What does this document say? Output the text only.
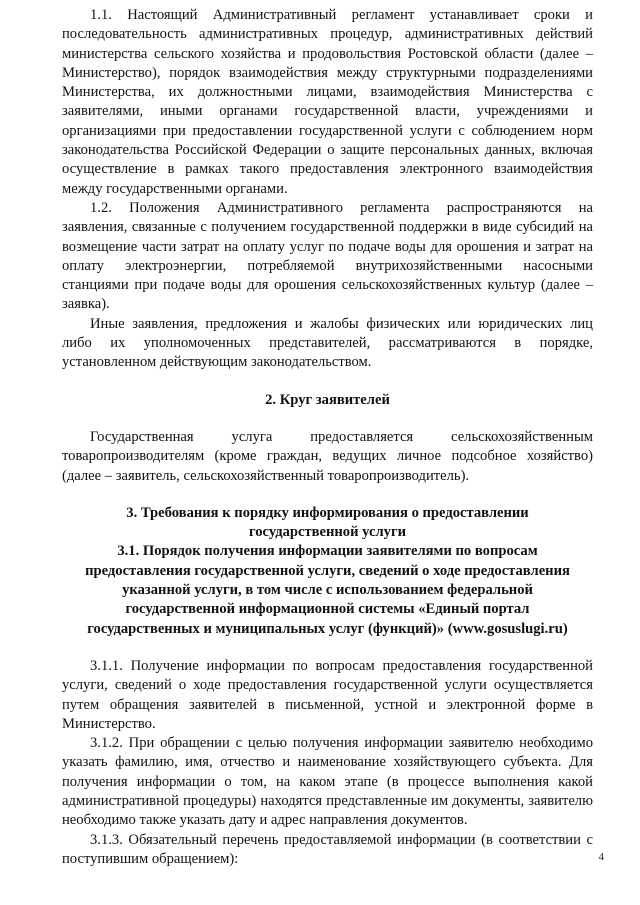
1.1. Настоящий Административный регламент устанавливает сроки и последовательность административных процедур, административных действий министерства сельского хозяйства и продовольствия Ростовской области (далее – Министерство), порядок взаимодействия между структурными подразделениями Министерства, их должностными лицами, взаимодействия Министерства с заявителями, иными органами государственной власти, учреждениями и организациями при предоставлении государственной услуги с соблюдением норм законодательства Российской Федерации о защите персональных данных, включая осуществление в рамках такого предоставления электронного взаимодействия между государственными органами.

1.2. Положения Административного регламента распространяются на заявления, связанные с получением государственной поддержки в виде субсидий на возмещение части затрат на оплату услуг по подаче воды для орошения и затрат на оплату электроэнергии, потребляемой внутрихозяйственными насосными станциями при подаче воды для орошения сельскохозяйственных культур (далее – заявка).

Иные заявления, предложения и жалобы физических или юридических лиц либо их уполномоченных представителей, рассматриваются в порядке, установленном действующим законодательством.

2. Круг заявителей

Государственная услуга предоставляется сельскохозяйственным товаропроизводителям (кроме граждан, ведущих личное подсобное хозяйство) (далее – заявитель, сельскохозяйственный товаропроизводитель).

3. Требования к порядку информирования о предоставлении
государственной услуги
3.1. Порядок получения информации заявителями по вопросам
предоставления государственной услуги, сведений о ходе предоставления
указанной услуги, в том числе с использованием федеральной
государственной информационной системы «Единый портал
государственных и муниципальных услуг (функций)» (www.gosuslugi.ru)

3.1.1. Получение информации по вопросам предоставления государственной услуги, сведений о ходе предоставления государственной услуги осуществляется путем обращения заявителей в письменной, устной и электронной форме в Министерство.

3.1.2. При обращении с целью получения информации заявителю необходимо указать фамилию, имя, отчество и наименование хозяйствующего субъекта. Для получения информации о том, на каком этапе (в процессе выполнения какой административной процедуры) находятся представленные им документы, заявителю необходимо также указать дату и адрес направления документов.

3.1.3. Обязательный перечень предоставляемой информации (в соответствии с поступившим обращением):	4
